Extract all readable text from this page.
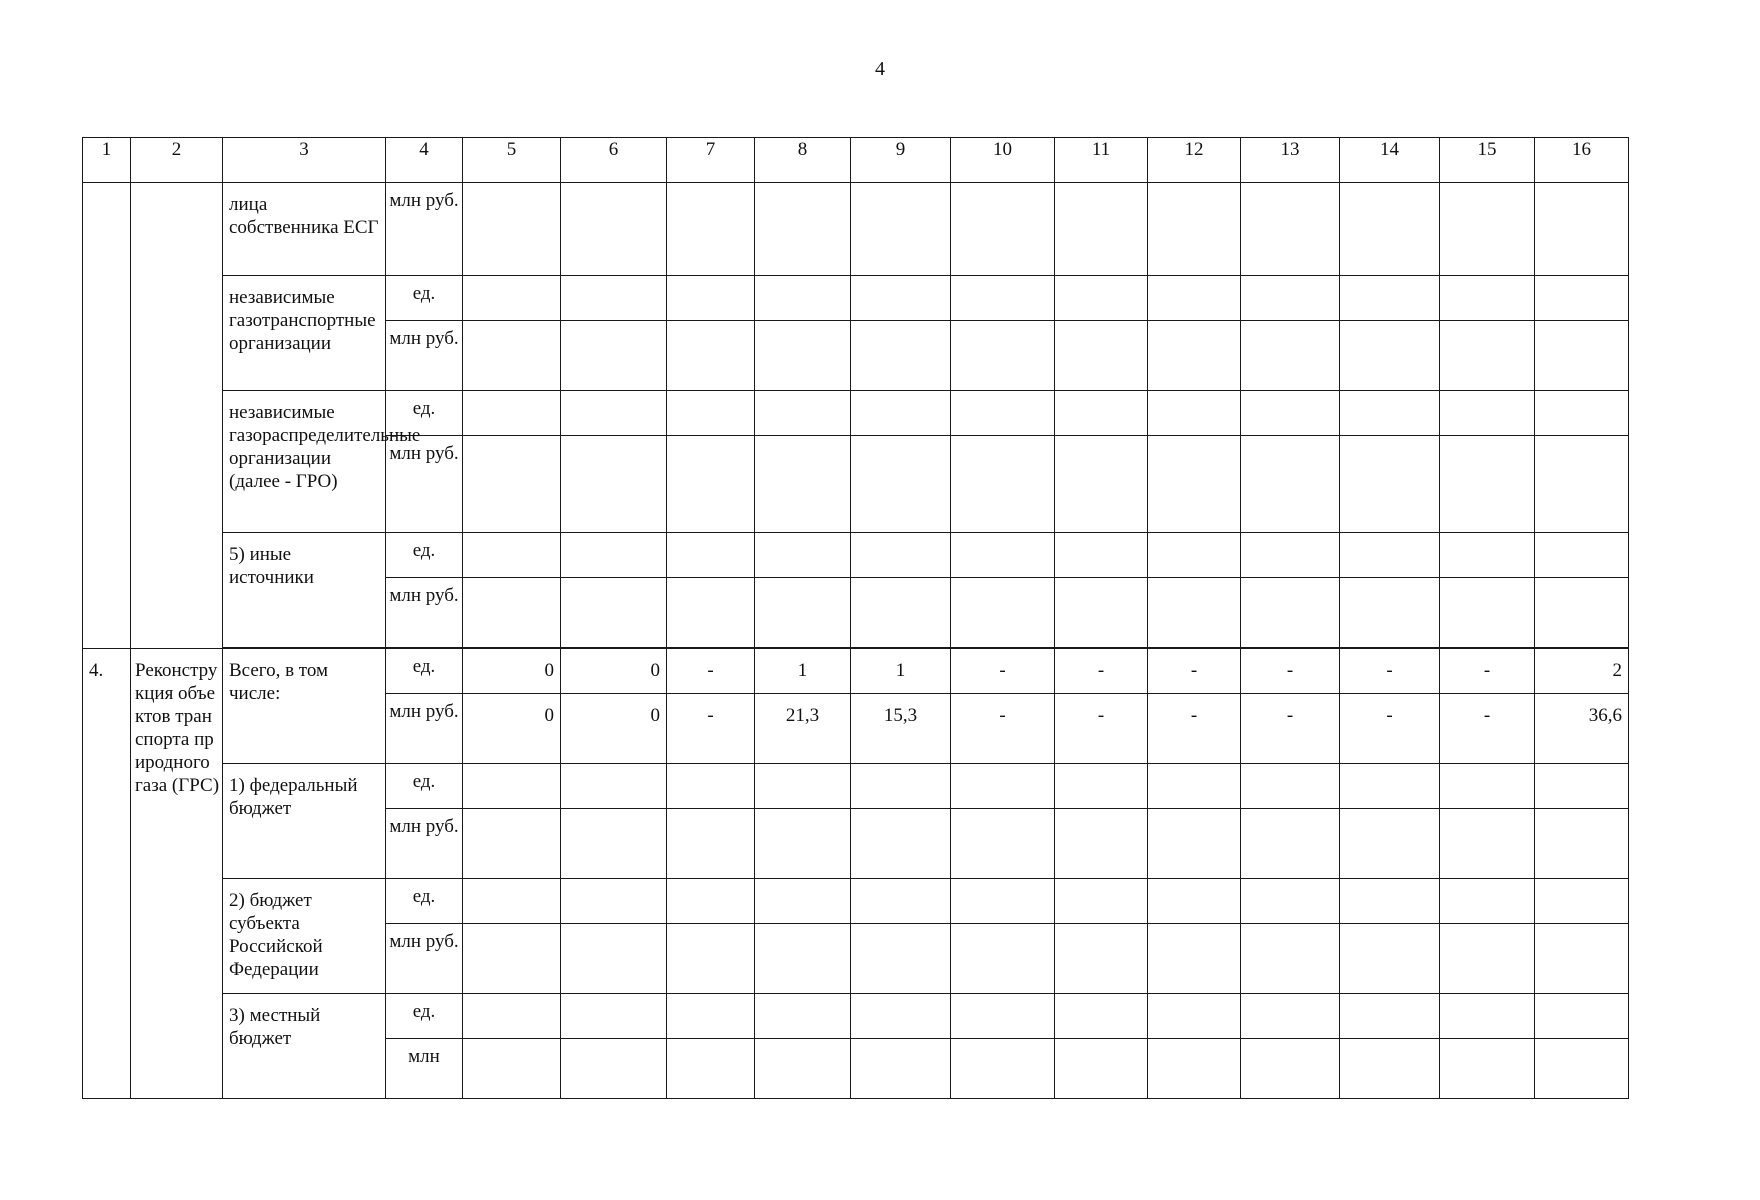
4
1	2	3	4	5	6	7	8	9	10	11	12	13	14	15	16
		лица собственника ЕСГ	млн руб.												
		независимые газотранспортные организации	ед.												
			млн руб.												
		независимые газораспределительные организации (далее - ГРО)	ед.												
			млн руб.												
		5) иные источники	ед.												
			млн руб.												

4.	Реконструкция объектов транспорта природного газа (ГРС)	Всего, в том числе:	ед.	0	0	-	1	1	-	-	-	-	-	-	2
			млн руб.	0	0	-	21,3	15,3	-	-	-	-	-	-	36,6
		1) федеральный бюджет	ед.												
			млн руб.												
		2) бюджет субъекта Российской Федерации	ед.												
			млн руб.												
		3) местный бюджет	ед.												
			млн												
